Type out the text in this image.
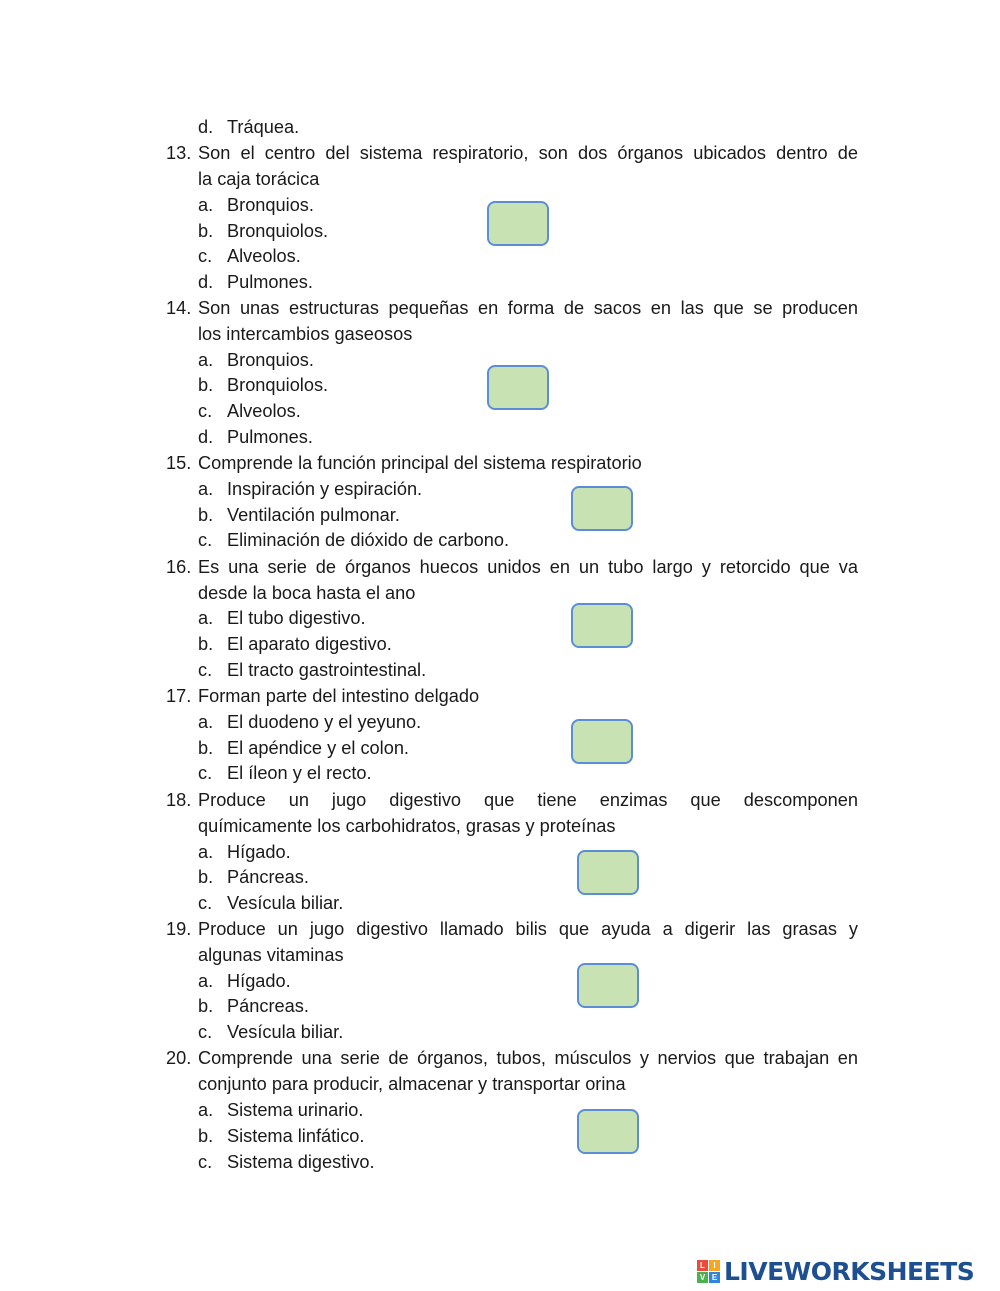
d. Tráquea.
13. Son el centro del sistema respiratorio, son dos órganos ubicados dentro de
la caja torácica
a. Bronquios.
b. Bronquiolos.
c. Alveolos.
d. Pulmones.
14. Son unas estructuras pequeñas en forma de sacos en las que se producen
los intercambios gaseosos
a. Bronquios.
b. Bronquiolos.
c. Alveolos.
d. Pulmones.
15. Comprende la función principal del sistema respiratorio
a. Inspiración y espiración.
b. Ventilación pulmonar.
c. Eliminación de dióxido de carbono.
16. Es una serie de órganos huecos unidos en un tubo largo y retorcido que va
desde la boca hasta el ano
a. El tubo digestivo.
b. El aparato digestivo.
c. El tracto gastrointestinal.
17. Forman parte del intestino delgado
a. El duodeno y el yeyuno.
b. El apéndice y el colon.
c. El íleon y el recto.
18. Produce un jugo digestivo que tiene enzimas que descomponen
químicamente los carbohidratos, grasas y proteínas
a. Hígado.
b. Páncreas.
c. Vesícula biliar.
19. Produce un jugo digestivo llamado bilis que ayuda a digerir las grasas y
algunas vitaminas
a. Hígado.
b. Páncreas.
c. Vesícula biliar.
20. Comprende una serie de órganos, tubos, músculos y nervios que trabajan en
conjunto para producir, almacenar y transportar orina
a. Sistema urinario.
b. Sistema linfático.
c. Sistema digestivo.
L	I
V E LIVEWORKSHEETS
